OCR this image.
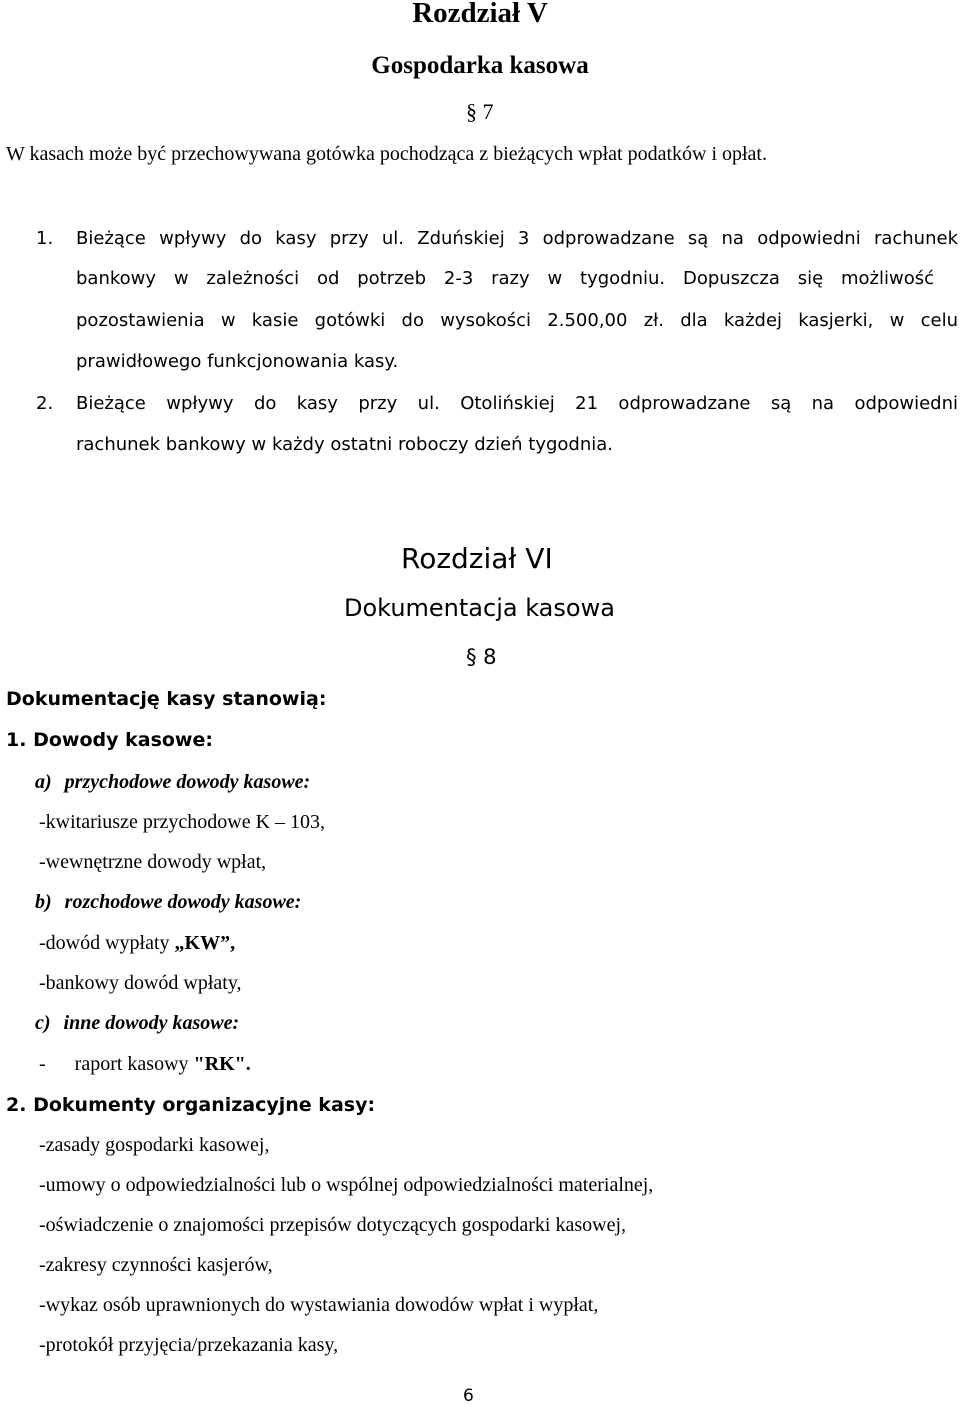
Rozdział V
Gospodarka kasowa
§ 7
W kasach może być przechowywana gotówka pochodząca z bieżących wpłat podatków i opłat.
1. Bieżące wpływy do kasy przy ul. Zduńskiej 3 odprowadzane są na odpowiedni rachunek
bankowy w zależności od potrzeb 2-3 razy w tygodniu. Dopuszcza się możliwość
pozostawienia w kasie gotówki do wysokości 2.500,00 zł. dla każdej kasjerki, w celu
prawidłowego funkcjonowania kasy.
2. Bieżące wpływy do kasy przy ul. Otolińskiej 21 odprowadzane są na odpowiedni
rachunek bankowy w każdy ostatni roboczy dzień tygodnia.
Rozdział VI
Dokumentacja kasowa
§ 8
Dokumentację kasy stanowią:
1. Dowody kasowe:
a) przychodowe dowody kasowe:
-kwitariusze przychodowe K – 103,
-wewnętrzne dowody wpłat,
b) rozchodowe dowody kasowe:
-dowód wypłaty „KW”,
-bankowy dowód wpłaty,
c) inne dowody kasowe:
- raport kasowy "RK".
2. Dokumenty organizacyjne kasy:
-zasady gospodarki kasowej,
-umowy o odpowiedzialności lub o wspólnej odpowiedzialności materialnej,
-oświadczenie o znajomości przepisów dotyczących gospodarki kasowej,
-zakresy czynności kasjerów,
-wykaz osób uprawnionych do wystawiania dowodów wpłat i wypłat,
-protokół przyjęcia/przekazania kasy,
6
